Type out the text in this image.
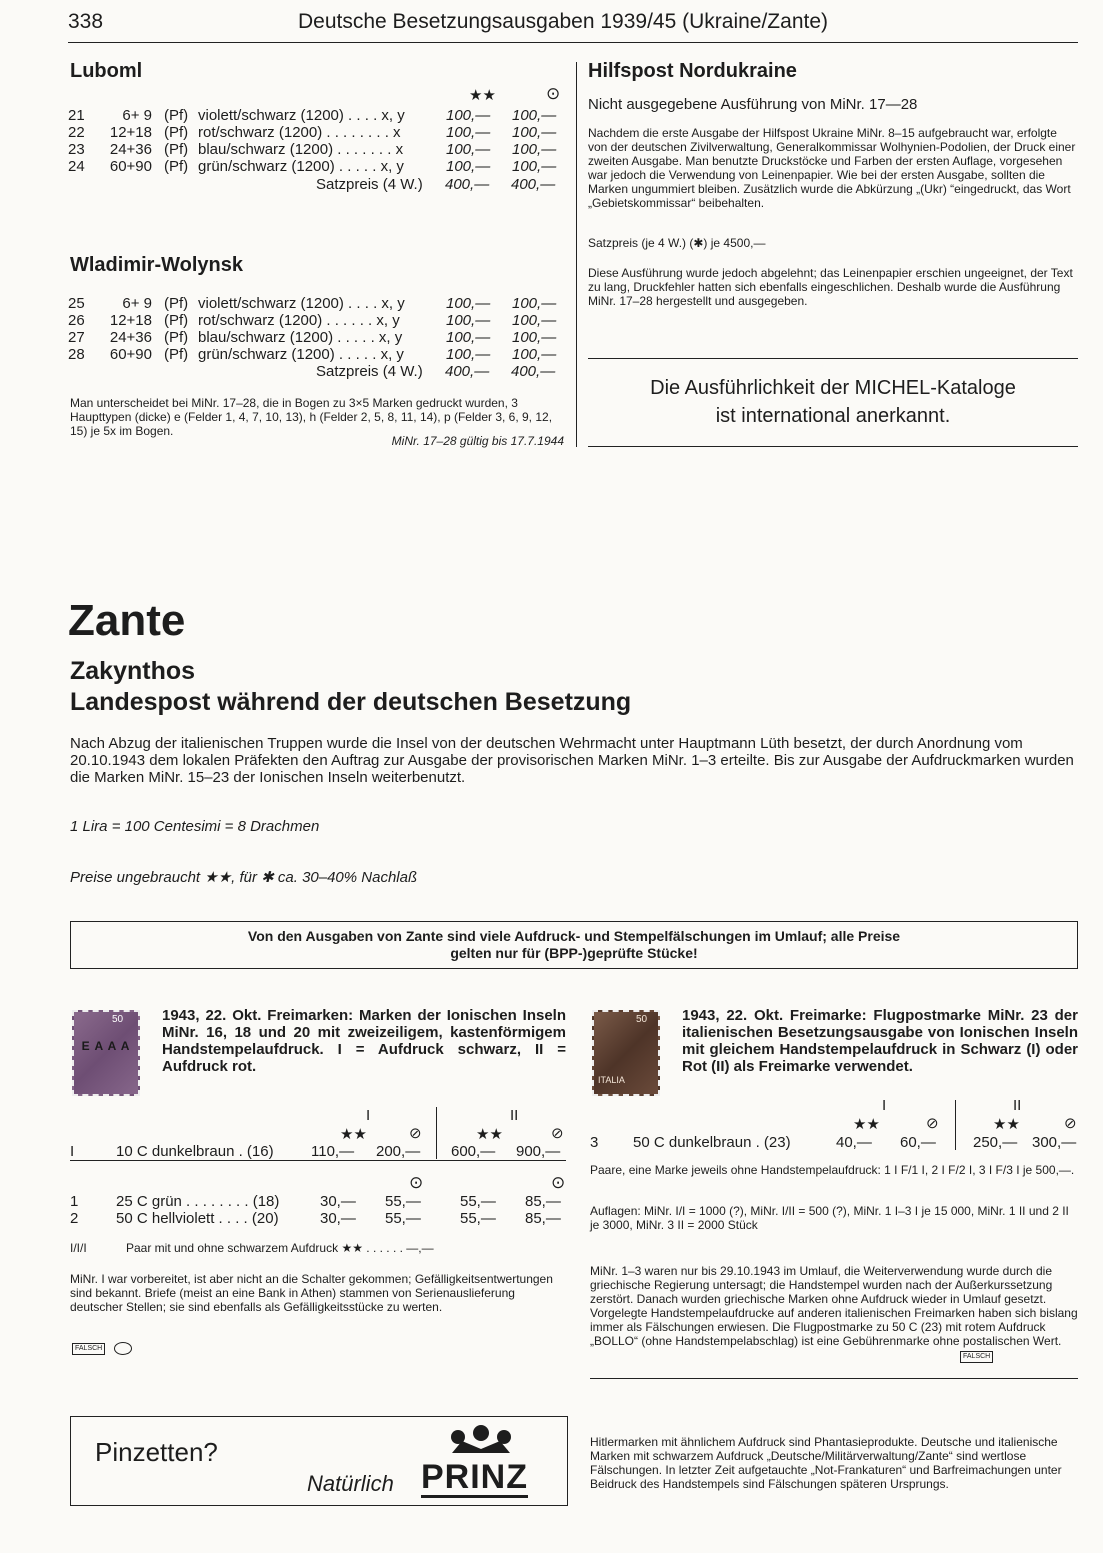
338	Deutsche Besetzungsausgaben 1939/45 (Ukraine/Zante)
Luboml
★★	⊙
21	6+ 9 (Pf) violett/schwarz (1200) . . . . x, y	100,— 100,—
22	12+18 (Pf) rot/schwarz (1200) . . . . . . . . x	100,— 100,—
23	24+36 (Pf) blau/schwarz (1200) . . . . . . . x	100,— 100,—
24	60+90 (Pf) grün/schwarz (1200) . . . . . x, y	100,— 100,—
Satzpreis (4 W.) 400,— 400,—
Wladimir-Wolynsk
25	6+ 9 (Pf) violett/schwarz (1200) . . . . x, y	100,— 100,—
26	12+18 (Pf) rot/schwarz (1200) . . . . . . x, y	100,— 100,—
27	24+36 (Pf) blau/schwarz (1200) . . . . . x, y	100,— 100,—
28	60+90 (Pf) grün/schwarz (1200) . . . . . x, y	100,— 100,—
Satzpreis (4 W.) 400,— 400,—

Man unterscheidet bei MiNr. 17–28, die in Bogen zu 3×5 Marken gedruckt wurden, 3 Haupttypen (dicke) e (Felder 1, 4, 7, 10, 13), h (Felder 2, 5, 8, 11, 14), p (Felder 3, 6, 9, 12, 15) je 5x im Bogen.

MiNr. 17–28 gültig bis 17.7.1944

Hilfspost Nordukraine

Nicht ausgegebene Ausführung von MiNr. 17—28

Nachdem die erste Ausgabe der Hilfspost Ukraine MiNr. 8–15 aufgebraucht war, erfolgte von der deutschen Zivilverwaltung, Generalkommissar Wolhynien-Podolien, der Druck einer zweiten Ausgabe. Man benutzte Druckstöcke und Farben der ersten Auflage, vorgesehen war jedoch die Verwendung von Leinenpapier. Wie bei der ersten Ausgabe, sollten die Marken ungummiert bleiben. Zusätzlich wurde die Abkürzung „(Ukr) “eingedruckt, das Wort „Gebietskommissar“ beibehalten.

Satzpreis (je 4 W.) (✱) je 4500,—

Diese Ausführung wurde jedoch abgelehnt; das Leinenpapier erschien ungeeignet, der Text zu lang, Druckfehler hatten sich ebenfalls eingeschlichen. Deshalb wurde die Ausführung MiNr. 17–28 hergestellt und ausgegeben.

Die Ausführlichkeit der MICHEL-Kataloge
ist international anerkannt.
Zante
Zakynthos
Landespost während der deutschen Besetzung

Nach Abzug der italienischen Truppen wurde die Insel von der deutschen Wehrmacht unter Hauptmann Lüth besetzt, der durch Anordnung vom 20.10.1943 dem lokalen Präfekten den Auftrag zur Ausgabe der provisorischen Marken MiNr. 1–3 erteilte. Bis zur Ausgabe der Aufdruckmarken wurden die Marken MiNr. 15–23 der Ionischen Inseln weiterbenutzt.

1 Lira = 100 Centesimi = 8 Drachmen

Preise ungebraucht ★★, für ✱ ca. 30–40% Nachlaß

Von den Ausgaben von Zante sind viele Aufdruck- und Stempelfälschungen im Umlauf; alle Preise
gelten nur für (BPP-)geprüfte Stücke!
50
E A A A

1943, 22. Okt. Freimarken: Marken der Ionischen Inseln MiNr. 16, 18 und 20 mit zweizeiligem, kastenförmigem Handstempelaufdruck. I = Aufdruck schwarz, II = Aufdruck rot.

I	II
★★	⊘	★★	⊘
I	10 C dunkelbraun . (16) 110,— 200,— 600,— 900,—
⊙	⊙
1	25 C grün . . . . . . . . (18)	30,— 55,—	55,— 85,—
2	50 C hellviolett . . . . (20)	30,— 55,—	55,— 85,—
I/I/I	Paar mit und ohne schwarzem Aufdruck ★★ . . . . . . —,—

MiNr. I war vorbereitet, ist aber nicht an die Schalter gekommen; Gefälligkeitsentwertungen sind bekannt. Briefe (meist an eine Bank in Athen) stammen von Serienauslieferung deutscher Stellen; sie sind ebenfalls als Gefälligkeitsstücke zu werten.

FALSCH
50
ITALIA

1943, 22. Okt. Freimarke: Flugpostmarke MiNr. 23 der italienischen Besetzungsausgabe von Ionischen Inseln mit gleichem Handstempelaufdruck in Schwarz (I) oder Rot (II) als Freimarke verwendet.

I	II
★★	⊘	★★	⊘
3 50 C dunkelbraun . (23)	40,— 60,— 250,— 300,—

Paare, eine Marke jeweils ohne Handstempelaufdruck: 1 I F/1 I, 2 I F/2 I, 3 I F/3 I je 500,—.

Auflagen: MiNr. I/I = 1000 (?), MiNr. I/II = 500 (?), MiNr. 1 I–3 I je 15 000, MiNr. 1 II und 2 II je 3000, MiNr. 3 II = 2000 Stück

MiNr. 1–3 waren nur bis 29.10.1943 im Umlauf, die Weiterverwendung wurde durch die griechische Regierung untersagt; die Handstempel wurden nach der Außerkurssetzung zerstört. Danach wurden griechische Marken ohne Aufdruck wieder in Umlauf gesetzt. Vorgelegte Handstempelaufdrucke auf anderen italienischen Freimarken haben sich bislang immer als Fälschungen erwiesen. Die Flugpostmarke zu 50 C (23) mit rotem Aufdruck „BOLLO“ (ohne Handstempelabschlag) ist eine Gebührenmarke ohne postalischen Wert.

FALSCH

Hitlermarken mit ähnlichem Aufdruck sind Phantasieprodukte. Deutsche und italienische Marken mit schwarzem Aufdruck „Deutsche/Militärverwaltung/Zante“ sind wertlose Fälschungen. In letzter Zeit aufgetauchte „Not-Frankaturen“ und Barfreimachungen unter Beidruck des Handstempels sind Fälschungen späteren Ursprungs.

Pinzetten?
Natürlich PRINZ
